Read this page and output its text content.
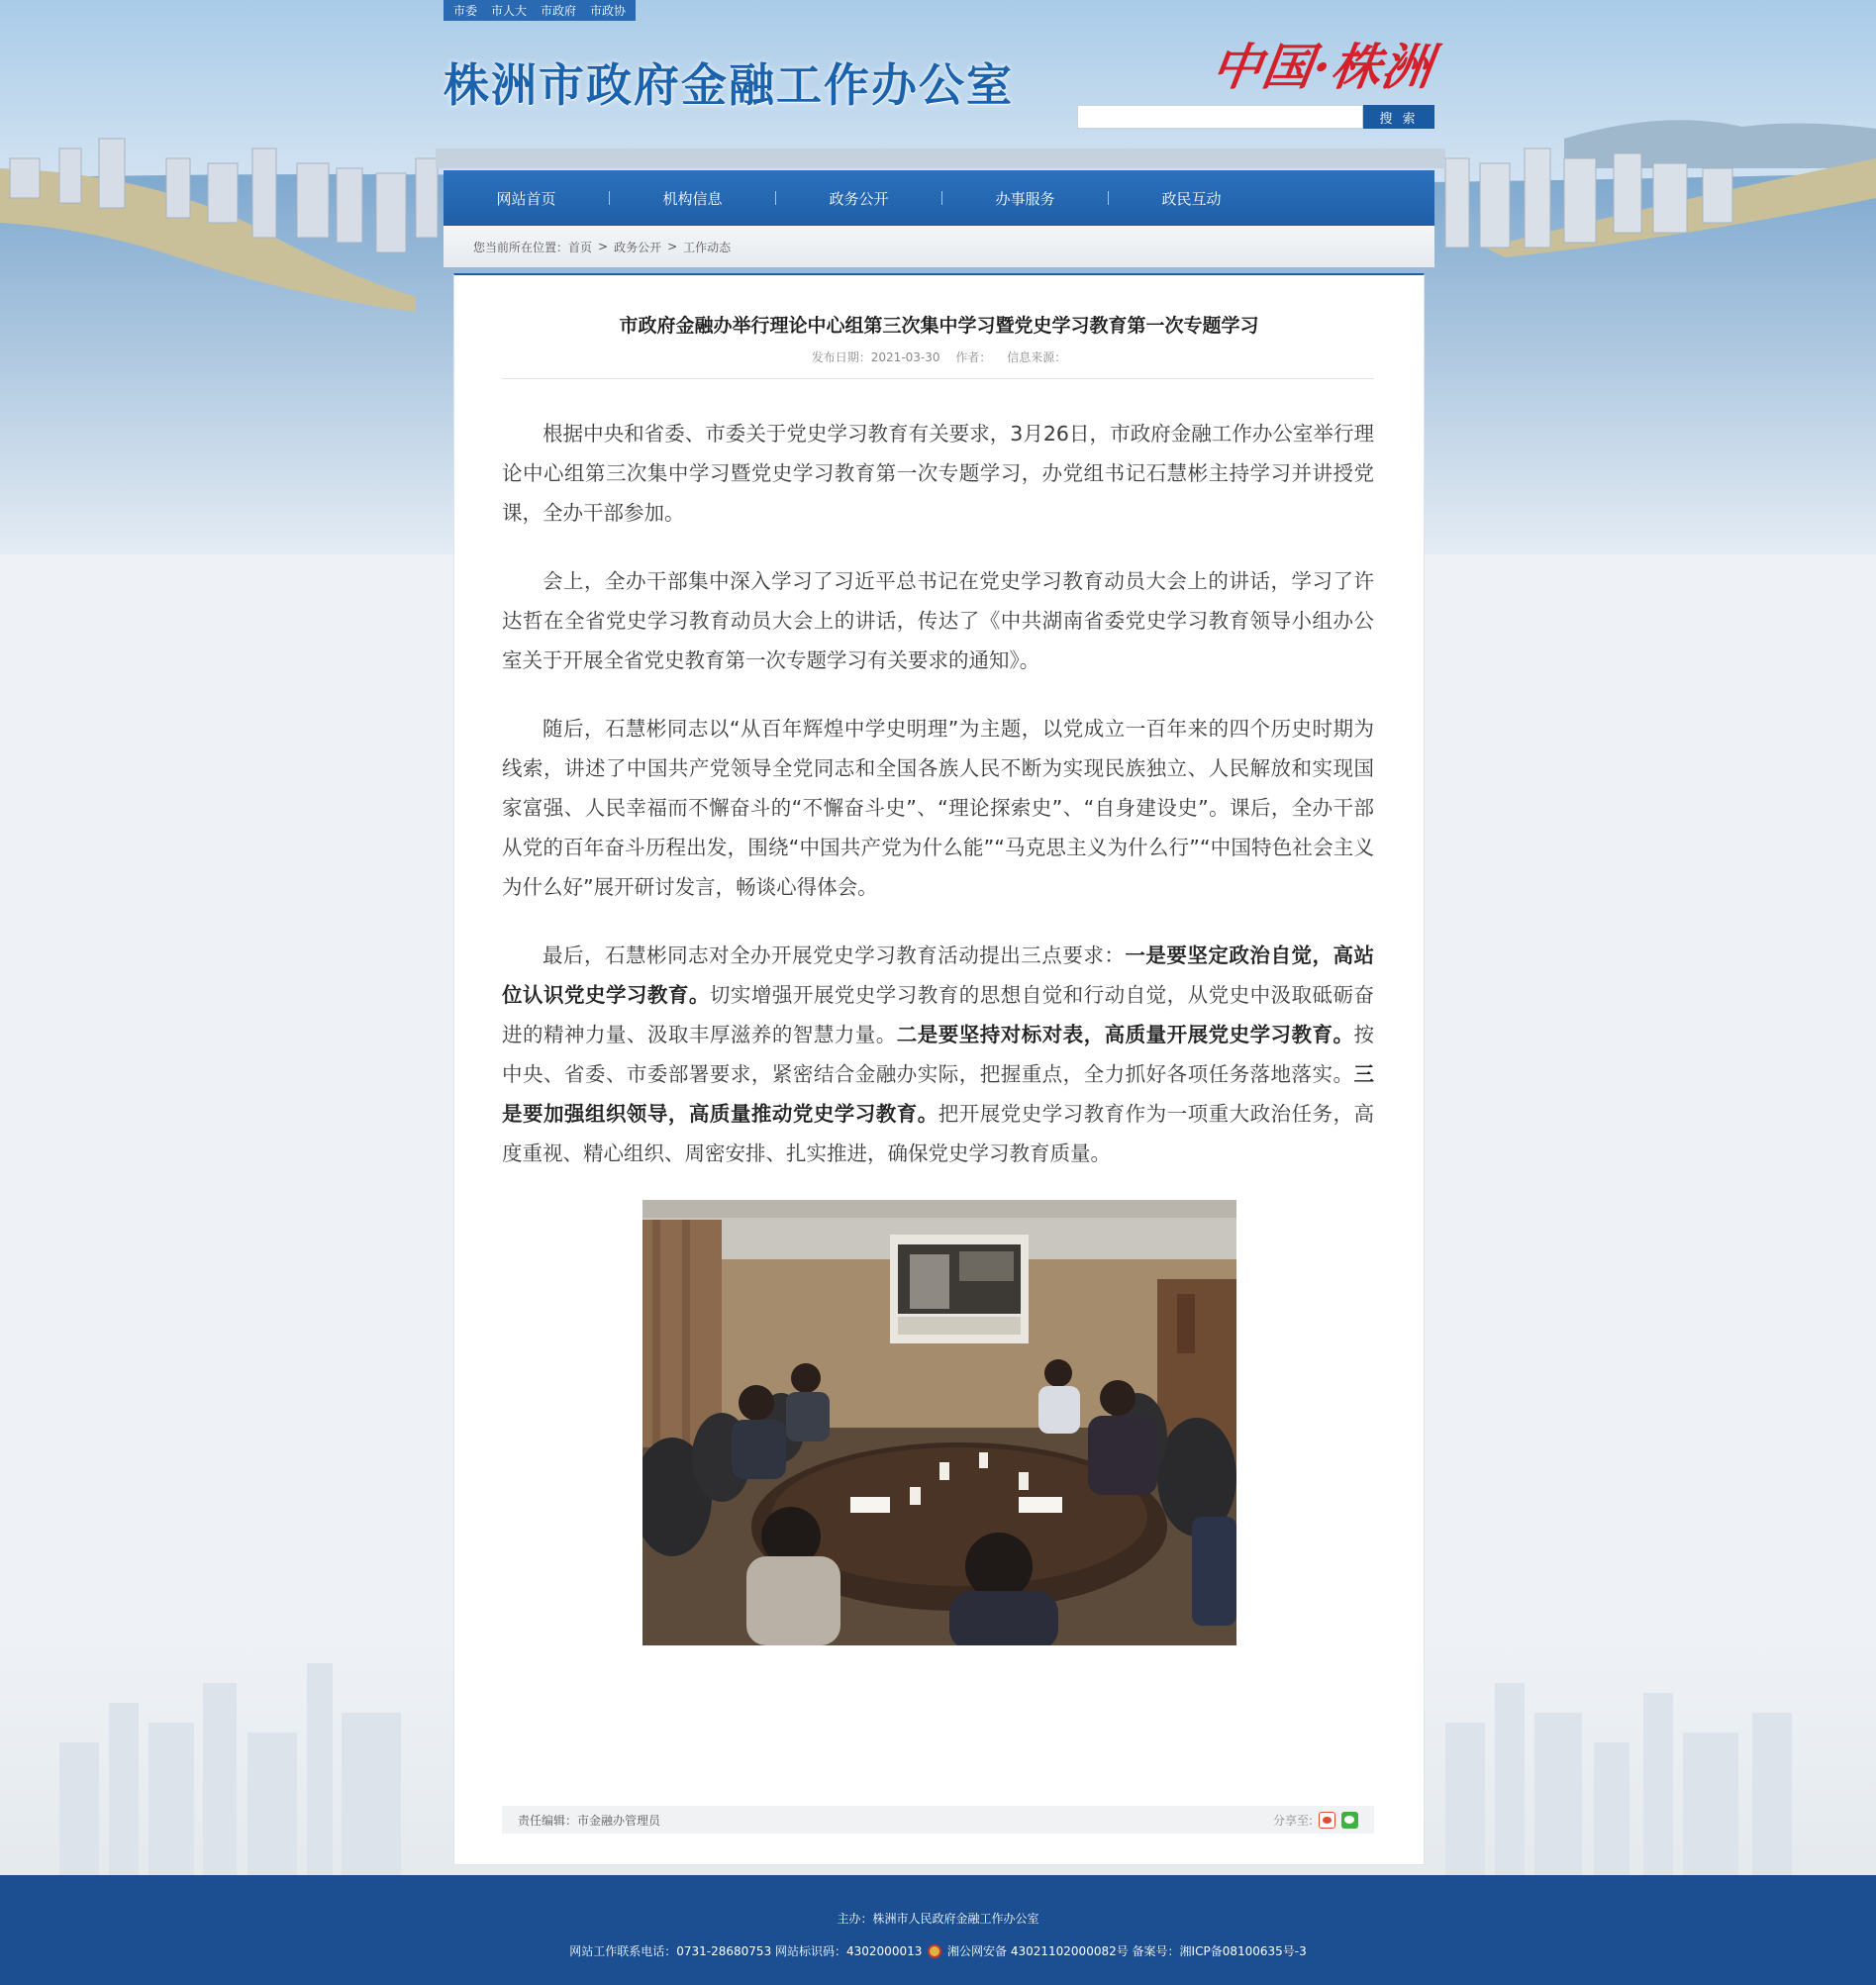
市委 市人大 市政府 市政协
株洲市政府金融工作办公室	中国·株洲
搜 索
网站首页	机构信息	政务公开	办事服务	政民互动
您当前所在位置： 首页 > 政务公开 > 工作动态
市政府金融办举行理论中心组第三次集中学习暨党史学习教育第一次专题学习
发布日期：2021-03-30 作者： 信息来源：

根据中央和省委、市委关于党史学习教育有关要求，3月26日，市政府金融工作办公室举行理论中心组第三次集中学习暨党史学习教育第一次专题学习，办党组书记石慧彬主持学习并讲授党课，全办干部参加。

会上，全办干部集中深入学习了习近平总书记在党史学习教育动员大会上的讲话，学习了许达哲在全省党史学习教育动员大会上的讲话，传达了《中共湖南省委党史学习教育领导小组办公室关于开展全省党史教育第一次专题学习有关要求的通知》。

随后，石慧彬同志以“从百年辉煌中学史明理”为主题，以党成立一百年来的四个历史时期为线索，讲述了中国共产党领导全党同志和全国各族人民不断为实现民族独立、人民解放和实现国家富强、人民幸福而不懈奋斗的“不懈奋斗史”、“理论探索史”、“自身建设史”。课后，全办干部从党的百年奋斗历程出发，围绕“中国共产党为什么能”“马克思主义为什么行”“中国特色社会主义为什么好”展开研讨发言，畅谈心得体会。

最后，石慧彬同志对全办开展党史学习教育活动提出三点要求：一是要坚定政治自觉，高站位认识党史学习教育。切实增强开展党史学习教育的思想自觉和行动自觉，从党史中汲取砥砺奋进的精神力量、汲取丰厚滋养的智慧力量。二是要坚持对标对表，高质量开展党史学习教育。按中央、省委、市委部署要求，紧密结合金融办实际，把握重点，全力抓好各项任务落地落实。三是要加强组织领导，高质量推动党史学习教育。把开展党史学习教育作为一项重大政治任务，高度重视、精心组织、周密安排、扎实推进，确保党史学习教育质量。

责任编辑：市金融办管理员	分享至:
主办：株洲市人民政府金融工作办公室
网站工作联系电话：0731-28680753 网站标识码：4302000013 湘公网安备 43021102000082号 备案号：湘ICP备08100635号-3
